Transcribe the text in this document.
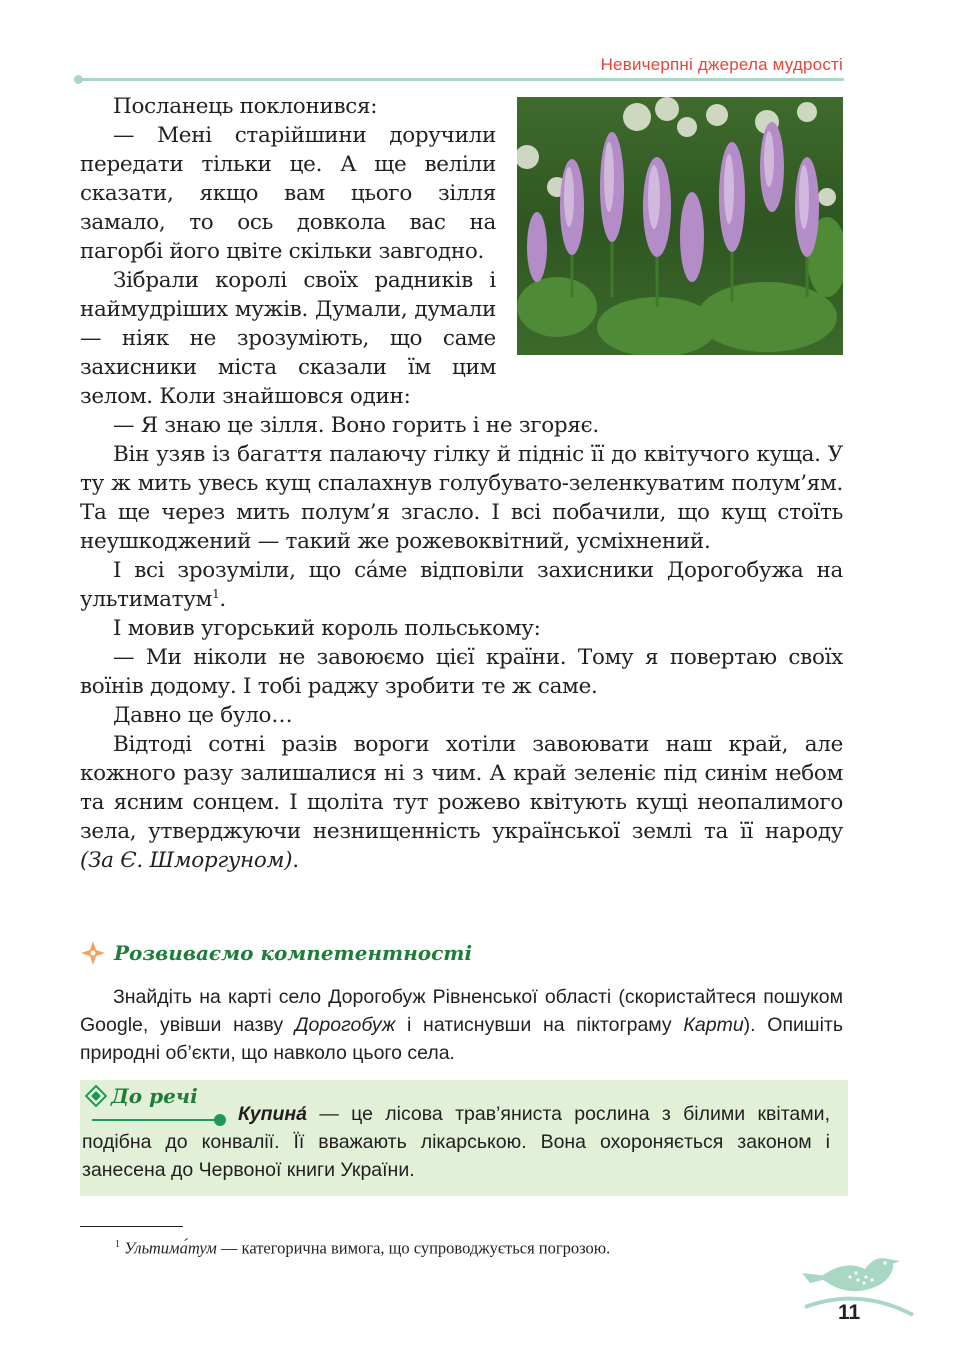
Невичерпні джерела мудрості

Посланець поклонився:

— Мені старійшини доручили передати тільки це. А ще веліли сказати, якщо вам цього зілля замало, то ось довкола вас на пагорбі його цвіте скільки завгодно.

Зібрали королі своїх радників і наймудріших мужів. Думали, думали — ніяк не зрозуміють, що саме захисники міста сказали їм цим зелом. Коли знайшовся один:

— Я знаю це зілля. Воно горить і не згоряє.

Він узяв із багаття палаючу гілку й підніс її до квітучого куща. У ту ж мить увесь кущ спалахнув голубувато-зеленкуватим полум’ям. Та ще через мить полум’я згасло. І всі побачили, що кущ стоїть неушкоджений — такий же рожевоквітний, усміхнений.

І всі зрозуміли, що са́ме відповіли захисники Дорогобужа на ультиматум$^1$.

І мовив угорський король польському:

— Ми ніколи не завоюємо цієї країни. Тому я повертаю своїх воїнів додому. І тобі раджу зробити те ж саме.

Давно це було…

Відтоді сотні разів вороги хотіли завоювати наш край, але кожного разу залишалися ні з чим. А край зеленіє під синім небом та ясним сонцем. І щоліта тут рожево квітують кущі неопалимого зела, утверджуючи незнищенність української землі та її народу (За Є. Шморгуном).

Розвиваємо компетентності

Знайдіть на карті село Дорогобуж Рівненської області (скористайтеся пошуком Google, увівши назву Дорогобуж і натиснувши на піктограму Карти). Опишіть природні об’єкти, що навколо цього села.

До речі
Купина́ — це лісова трав’яниста рослина з білими квітами, подібна до конвалії. Її вважають лікарською. Вона охороняється законом і занесена до Червоної книги України.
$^1$ Ультима́тум — категорична вимога, що супроводжується погрозою.
11
